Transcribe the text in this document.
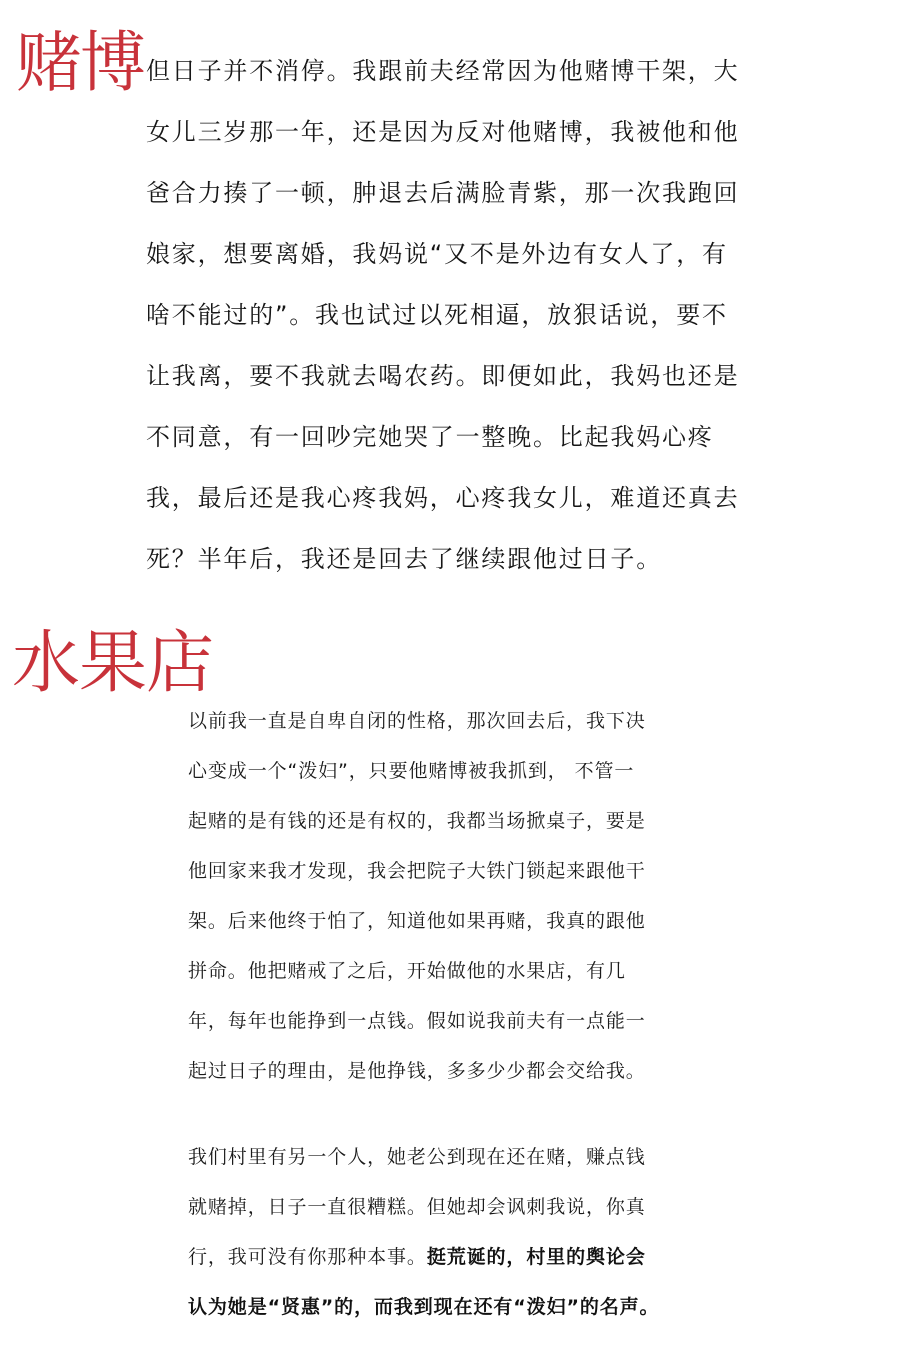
赌博 但日子并不消停。我跟前夫经常因为他赌博干架，大
女儿三岁那一年，还是因为反对他赌博，我被他和他
爸合力揍了一顿，肿退去后满脸青紫，那一次我跑回
娘家，想要离婚，我妈说“又不是外边有女人了，有
啥不能过的”。我也试过以死相逼，放狠话说，要不
让我离，要不我就去喝农药。即便如此，我妈也还是
不同意，有一回吵完她哭了一整晚。比起我妈心疼
我，最后还是我心疼我妈，心疼我女儿，难道还真去
死？半年后，我还是回去了继续跟他过日子。
水果店
以前我一直是自卑自闭的性格，那次回去后，我下决
心变成一个“泼妇”，只要他赌博被我抓到， 不管一
起赌的是有钱的还是有权的，我都当场掀桌子，要是
他回家来我才发现，我会把院子大铁门锁起来跟他干
架。后来他终于怕了，知道他如果再赌，我真的跟他
拼命。他把赌戒了之后，开始做他的水果店，有几
年，每年也能挣到一点钱。假如说我前夫有一点能一
起过日子的理由，是他挣钱，多多少少都会交给我。
我们村里有另一个人，她老公到现在还在赌，赚点钱
就赌掉，日子一直很糟糕。但她却会讽刺我说，你真
行，我可没有你那种本事。挺荒诞的，村里的舆论会
认为她是“贤惠”的，而我到现在还有“泼妇”的名声。
